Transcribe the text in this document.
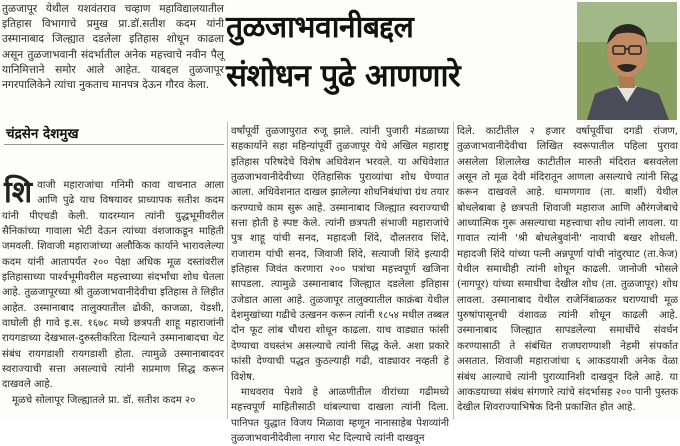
तुळजापूर येथील यशवंतराव चव्हाण महाविद्यालयातील इतिहास विभागाचे प्रमुख प्रा.डॉ.सतीश कदम यांनी उस्मानाबाद जिल्ह्यात दडलेला इतिहास शोधून काढला असून तुळजाभवानी संदर्भातील अनेक महत्त्वाचे नवीन पैलू यानिमित्ताने समोर आले आहेत. याबद्दल तुळजापूर नगरपालिकेने त्यांचा नुकताच मानपत्र देऊन गौरव केला.

तुळजाभवानीबद्दल
संशोधन पुढे आणणारे
चंद्रसेन देशमुख

शिवाजी महाराजांचा गनिमी कावा वाचनात आला आणि पुढे याच विषयावर प्राध्यापक सतीश कदम यांनी पीएचडी केली. यादरम्यान त्यांनी युद्धभूमीवरील सैनिकांच्या गावाला भेटी देऊन त्यांच्या वंशजाकडून माहिती जमवली. शिवाजी महाराजांच्या अलौकिक कार्याने भारावलेल्या कदम यांनी आतापर्यंत २०० पेक्षा अधिक मूळ दस्तांवरील इतिहासाच्या पार्श्वभूमीवरील महत्त्वाच्या संदर्भांचा शोध घेतला आहे. तुळजापूरच्या श्री तुळजाभवानीदेवीचा इतिहास ते लिहीत आहेत. उस्मानाबाद तालुक्यातील ढोकी, काजळा, येडशी, वाघोली ही गावे इ.स. १६७८ मध्ये छत्रपती शाहू महाराजांनी रायगडाच्या देखभाल-दुरुस्तीकरिता दिल्याने उस्मानाबादचा थेट संबंध रायगडाशी रायगडाशी होता. त्यामुळे उस्मानाबादवर स्वराज्याची सत्ता असल्याचे त्यांनी सप्रमाण सिद्ध करून दाखवले आहे.

मूळचे सोलापूर जिल्ह्यातले प्रा. डॉ. सतीश कदम २०

वर्षांपूर्वी तुळजापुरात रुजू झाले. त्यांनी पुजारी मंडळाच्या सहकार्याने सहा महिन्यांपूर्वी तुळजापूर येथे अखिल महाराष्ट्र इतिहास परिषदेचे विशेष अधिवेशन भरवले. या अधिवेशात तुळजाभवानीदेवीच्या ऐतिहासिक पुराव्यांचा शोध घेण्यात आला. अधिवेशनात दाखल झालेल्या शोधनिबंधांचा ग्रंथ तयार करण्याचे काम सुरू आहे. उस्मानाबाद जिल्ह्यात स्वराज्याची सत्ता होती हे स्पष्ट केले. त्यांनी छत्रपती संभाजी महाराजांचे पुत्र शाहू यांची सनद, महादजी शिंदे, दौलतराव शिंदे, राजाराम यांची सनद, जिवाजी शिंदे, सत्याजी शिंदे इत्यादी इतिहास जिवंत करणारा २०० पत्रांचा महत्त्वपूर्ण खजिना सापडला. त्यामुळे उस्मानाबाद जिल्ह्यात दडलेला इतिहास उजेडात आला आहे. तुळजापूर तालुक्यातील काक्रंबा येथील देशमुखांच्या गढीचे उत्खनन करून त्यांनी १८५४ मधील तब्बल दोन फूट लांब चौथरा शोधून काढला. याच वाड्यात फांसी देण्याचा वधस्तंभ असल्याचे त्यांनी सिद्ध केले. अशा प्रकारे फांसी देण्याची पद्धत कुठल्याही गढी, वाड्यावर नव्हती हे विशेष.

माधवराव पेशवे हे आळणीतील वीरांच्या गढीमध्ये महत्त्वपूर्ण माहितीसाठी थांबल्याचा दाखला त्यांनी दिला. पानिपत युद्धात विजय मिळावा म्हणून नानासाहेब पेशव्यांनी तुळजाभवानीदेवीला नगारा भेट दिल्याचे त्यांनी दाखवून

दिले. काटीतील २ हजार वर्षापूर्वीचा दगडी रांजण, तुळजाभवानीदेवीचा लिखित स्वरूपातील पहिला पुरावा असलेला शिलालेख काटीतील मारुती मंदिरात बसवलेला असून तो मूळ देवी मंदिरातून आणला असल्याचे त्यांनी सिद्ध करून दाखवले आहे. धामणगाव (ता. बार्शी) येथील बोधलेबाबा हे छत्रपती शिवाजी महाराज आणि औरंगजेबाचे आध्यात्मिक गुरू असल्याचा महत्त्वाचा शोध त्यांनी लावला. या गावात त्यांनी 'श्री बोधलेबुवांनी' नावाची बखर शोधली. महादजी शिंदे यांच्या पत्नी अन्नपूर्णा यांची नांदुरघाट (ता.केज) येथील समाधीही त्यांनी शोधून काढली. जानोजी भोसले (नागपूर) यांच्या समाधीचा देखील शोध (ता. तुळजापूर) शोध लावला. उस्मानाबाद येथील राजेनिंबाळकर घराण्याची मूळ पुरुषांपासूनची वंशावळ त्यांनी शोधून काढली आहे. उस्मानाबाद जिल्ह्यात सापडलेल्या समाधींचे संवर्धन करण्यासाठी ते संबंधित राजघराण्याशी नेहमी संपर्कात असतात. शिवाजी महाराजांचा ६ आकडयाशी अनेक वेळा संबंध आल्याचे त्यांनी पुराव्यानिशी दाखवून दिले आहे. या आकडयाच्या संबंध संगणारे त्यांचे संदर्भासह २०० पानी पुस्तक देखील शिवराज्याभिषेक दिनी प्रकाशित होत आहे.
